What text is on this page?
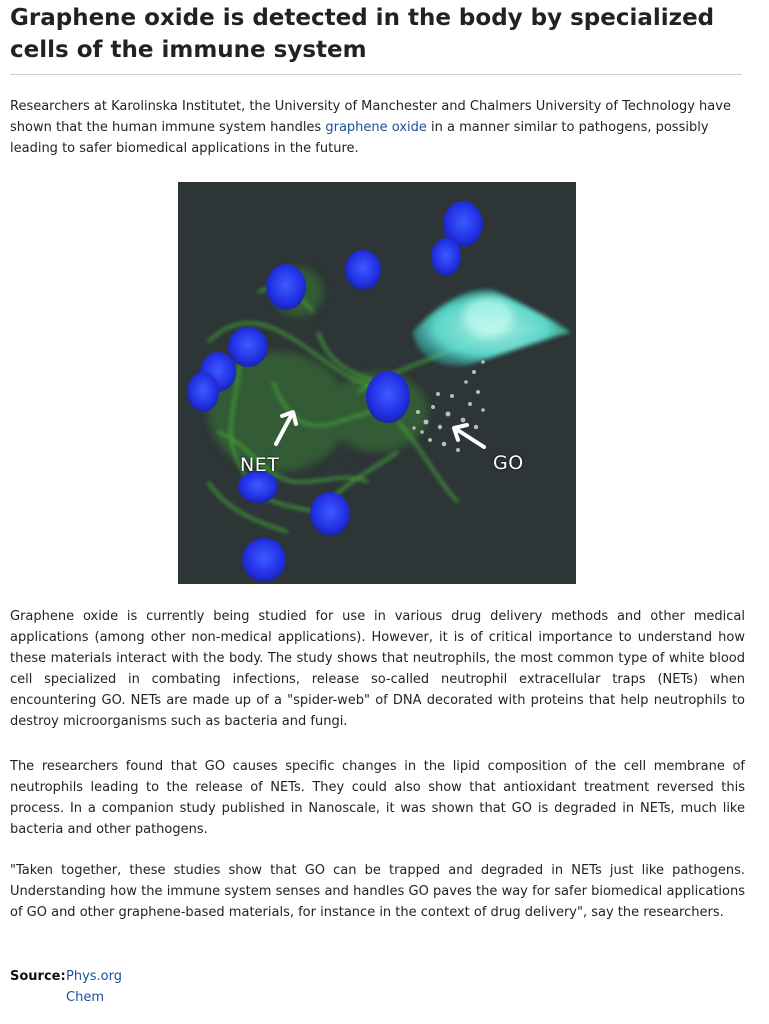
Graphene oxide is detected in the body by specialized cells of the immune system

Researchers at Karolinska Institutet, the University of Manchester and Chalmers University of Technology have shown that the human immune system handles graphene oxide in a manner similar to pathogens, possibly leading to safer biomedical applications in the future.

NET	GO

Graphene oxide is currently being studied for use in various drug delivery methods and other medical applications (among other non-medical applications). However, it is of critical importance to understand how these materials interact with the body. The study shows that neutrophils, the most common type of white blood cell specialized in combating infections, release so-called neutrophil extracellular traps (NETs) when encountering GO. NETs are made up of a "spider-web" of DNA decorated with proteins that help neutrophils to destroy microorganisms such as bacteria and fungi.

The researchers found that GO causes specific changes in the lipid composition of the cell membrane of neutrophils leading to the release of NETs. They could also show that antioxidant treatment reversed this process. In a companion study published in Nanoscale, it was shown that GO is degraded in NETs, much like bacteria and other pathogens.

"Taken together, these studies show that GO can be trapped and degraded in NETs just like pathogens. Understanding how the immune system senses and handles GO paves the way for safer biomedical applications of GO and other graphene-based materials, for instance in the context of drug delivery", say the researchers.

Source: Phys.org
Chem
